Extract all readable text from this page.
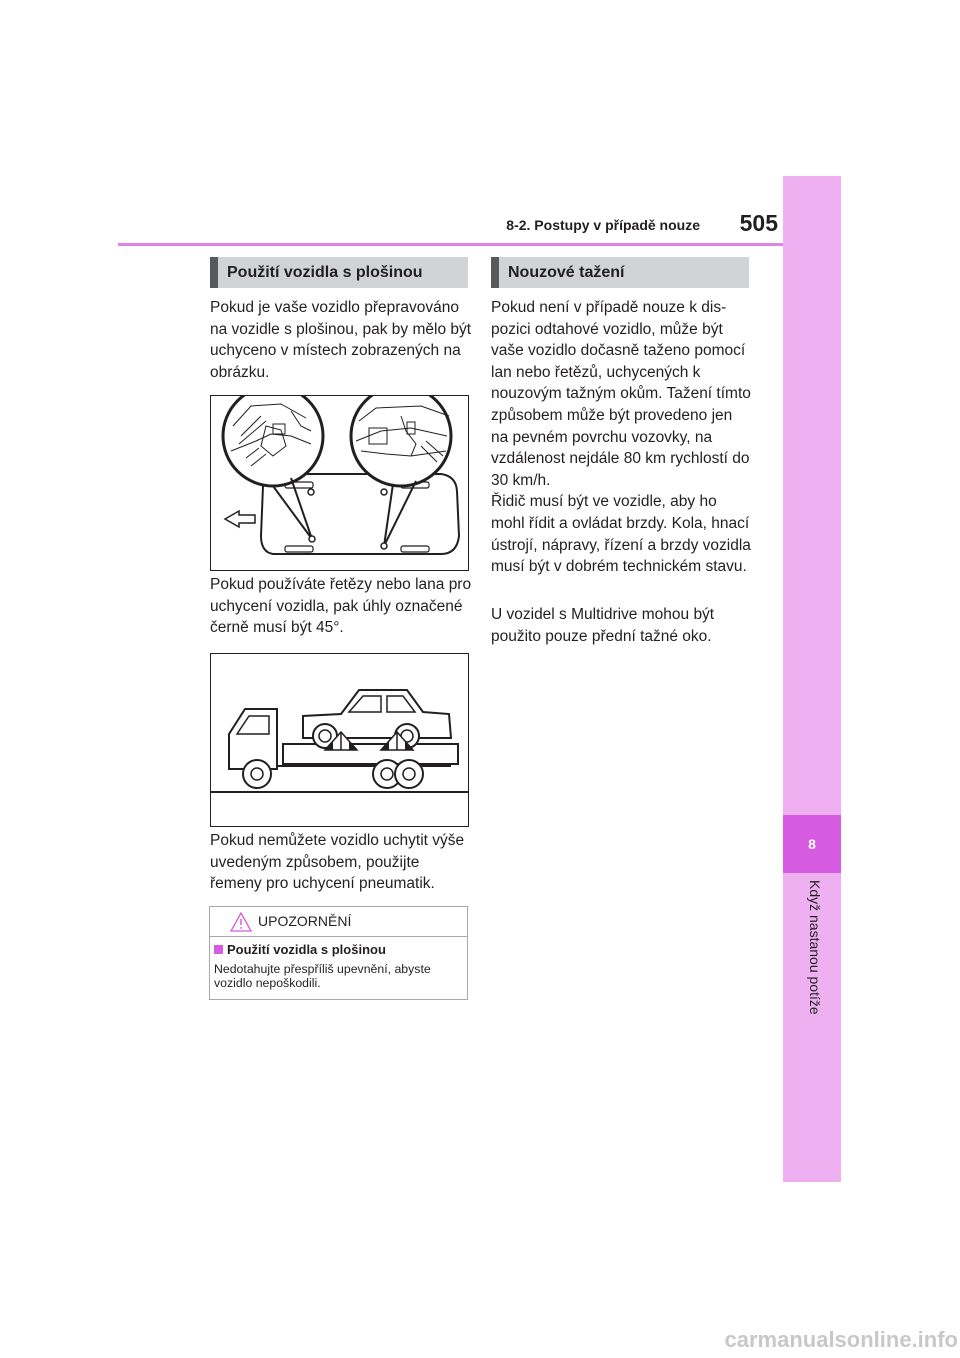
8
Když nastanou potíže
8-2. Postupy v případě nouze	505
Použití vozidla s plošinou
Pokud je vaše vozidlo přepravováno na vozidle s plošinou, pak by mělo být uchyceno v místech zobrazených na obrázku.
Pokud používáte řetězy nebo lana pro uchycení vozidla, pak úhly označené černě musí být 45°.
Pokud nemůžete vozidlo uchytit výše uvedeným způsobem, použijte řemeny pro uchycení pneumatik.
UPOZORNĚNÍ
Použití vozidla s plošinou
Nedotahujte přespříliš upevnění, abyste vozidlo nepoškodili.
Nouzové tažení
Pokud není v případě nouze k dispozici odtahové vozidlo, může být vaše vozidlo dočasně taženo pomocí lan nebo řetězů, uchycených k nouzovým tažným okům. Tažení tímto způsobem může být provedeno jen na pevném povrchu vozovky, na vzdálenost nejdále 80 km rychlostí do 30 km/h.
Řidič musí být ve vozidle, aby ho mohl řídit a ovládat brzdy. Kola, hnací ústrojí, nápravy, řízení a brzdy vozidla musí být v dobrém technickém stavu.
U vozidel s Multidrive mohou být použito pouze přední tažné oko.
carmanualsonline.info
